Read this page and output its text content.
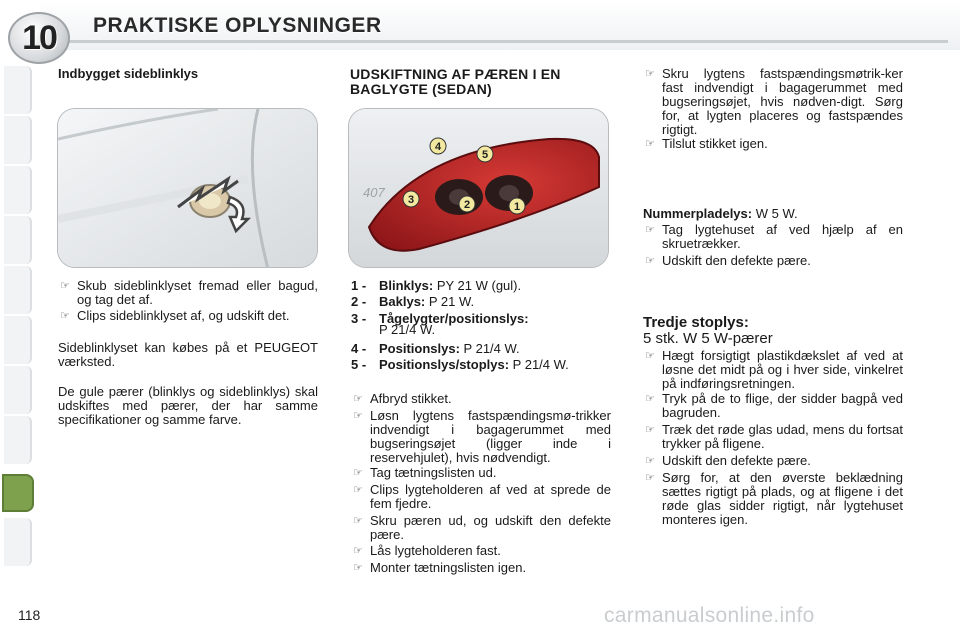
10	PRAKTISKE OPLYSNINGER
Indbygget sideblinklys
☞ Skub sideblinklyset fremad eller bagud, og tag det af.
☞ Clips sideblinklyset af, og udskift det.
Sideblinklyset kan købes på et PEUGEOT værksted.
De gule pærer (blinklys og sideblinklys) skal udskiftes med pærer, der har samme specifikationer og samme farve.
UDSKIFTNING AF PÆREN I EN
BAGLYGTE (SEDAN)
407
1
2
3
4
5
1 - Blinklys: PY 21 W (gul).
2 - Baklys: P 21 W.
3 - Tågelygter/positionslys:
P 21/4 W.
4 - Positionslys: P 21/4 W.
5 - Positionslys/stoplys: P 21/4 W.
☞ Afbryd stikket.
☞ Løsn lygtens fastspændingsmø-trikker indvendigt i bagagerummet med bugseringsøjet (ligger inde i reservehjulet), hvis nødvendigt.
☞ Tag tætningslisten ud.
☞ Clips lygteholderen af ved at sprede de fem fjedre.
☞ Skru pæren ud, og udskift den defekte pære.
☞ Lås lygteholderen fast.
☞ Monter tætningslisten igen.
☞ Skru lygtens fastspændingsmøtrik-ker fast indvendigt i bagagerummet med bugseringsøjet, hvis nødven-digt. Sørg for, at lygten placeres og fastspændes rigtigt.
☞ Tilslut stikket igen.
Nummerpladelys: W 5 W.
☞ Tag lygtehuset af ved hjælp af en skruetrækker.
☞ Udskift den defekte pære.
Tredje stoplys:
5 stk. W 5 W-pærer
☞ Hægt forsigtigt plastikdækslet af ved at løsne det midt på og i hver side, vinkelret på indføringsretningen.
☞ Tryk på de to flige, der sidder bagpå ved bagruden.
☞ Træk det røde glas udad, mens du fortsat trykker på fligene.
☞ Udskift den defekte pære.
☞ Sørg for, at den øverste beklædning sættes rigtigt på plads, og at fligene i det røde glas sidder rigtigt, når lygtehuset monteres igen.
118	carmanualsonline.info
